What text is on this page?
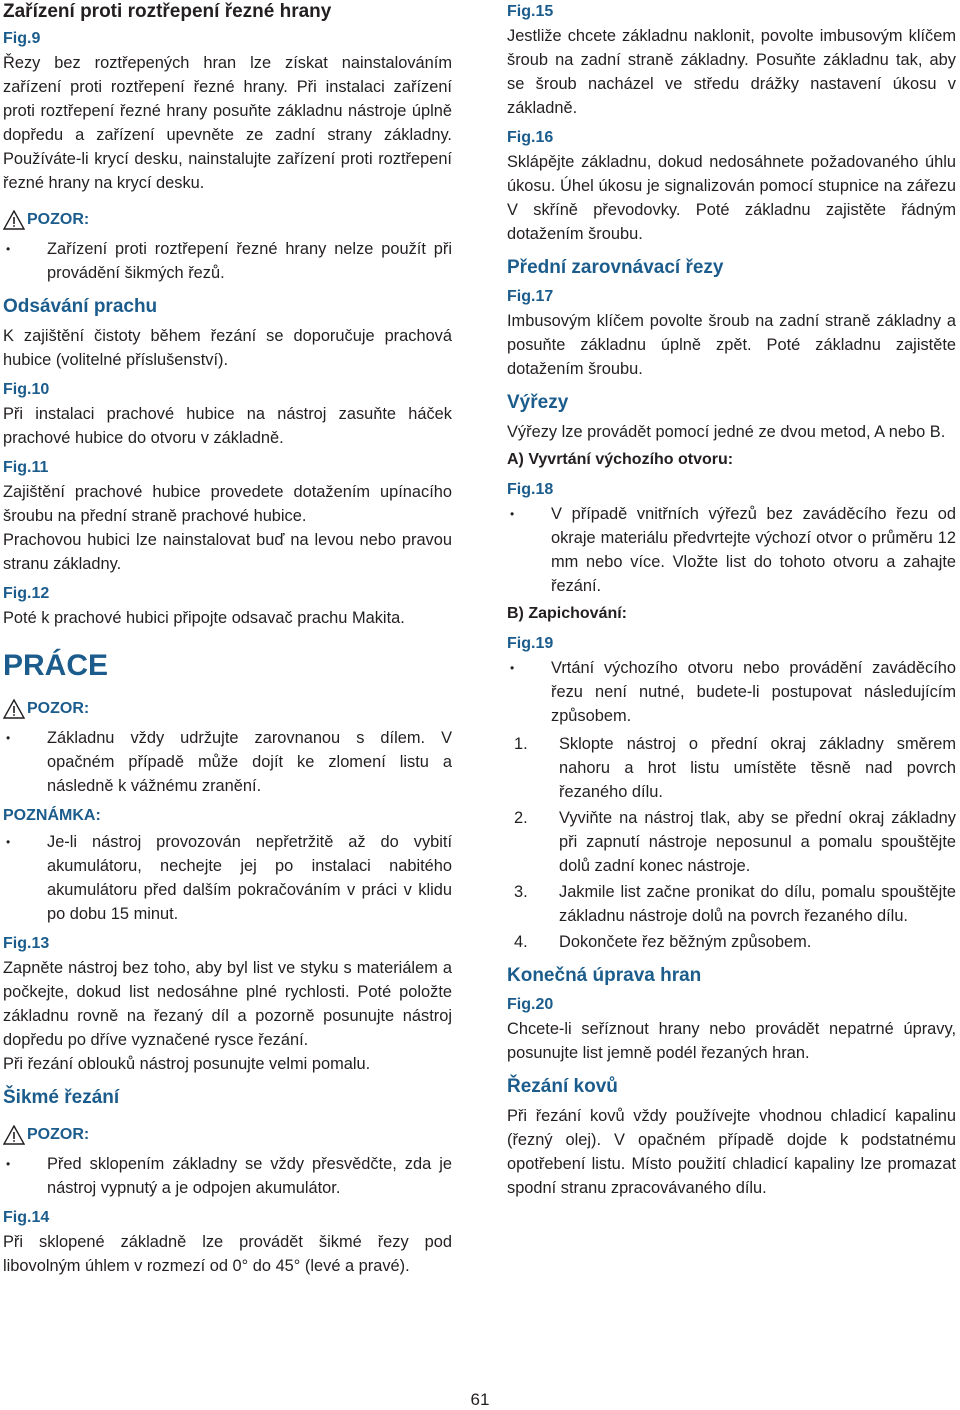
Zařízení proti roztřepení řezné hrany
Fig.9

Řezy bez roztřepených hran lze získat nainstalováním zařízení proti roztřepení řezné hrany. Při instalaci zařízení proti roztřepení řezné hrany posuňte základnu nástroje úplně dopředu a zařízení upevněte ze zadní strany základny. Používáte-li krycí desku, nainstalujte zařízení proti roztřepení řezné hrany na krycí desku.

POZOR:
• Zařízení proti roztřepení řezné hrany nelze použít při provádění šikmých řezů.
Odsávání prachu

K zajištění čistoty během řezání se doporučuje prachová hubice (volitelné příslušenství).

Fig.10

Při instalaci prachové hubice na nástroj zasuňte háček prachové hubice do otvoru v základně.

Fig.11

Zajištění prachové hubice provedete dotažením upínacího šroubu na přední straně prachové hubice.

Prachovou hubici lze nainstalovat buď na levou nebo pravou stranu základny.

Fig.12

Poté k prachové hubici připojte odsavač prachu Makita.

PRÁCE
POZOR:
• Základnu vždy udržujte zarovnanou s dílem. V opačném případě může dojít ke zlomení listu a následně k vážnému zranění.
POZNÁMKA:
• Je-li nástroj provozován nepřetržitě až do vybití akumulátoru, nechejte jej po instalaci nabitého akumulátoru před dalším pokračováním v práci v klidu po dobu 15 minut.
Fig.13

Zapněte nástroj bez toho, aby byl list ve styku s materiálem a počkejte, dokud list nedosáhne plné rychlosti. Poté položte základnu rovně na řezaný díl a pozorně posunujte nástroj dopředu po dříve vyznačené rysce řezání.

Při řezání oblouků nástroj posunujte velmi pomalu.

Šikmé řezání
POZOR:
• Před sklopením základny se vždy přesvědčte, zda je nástroj vypnutý a je odpojen akumulátor.
Fig.14

Při sklopené základně lze provádět šikmé řezy pod libovolným úhlem v rozmezí od 0° do 45° (levé a pravé).

Fig.15

Jestliže chcete základnu naklonit, povolte imbusovým klíčem šroub na zadní straně základny. Posuňte základnu tak, aby se šroub nacházel ve středu drážky nastavení úkosu v základně.

Fig.16

Sklápějte základnu, dokud nedosáhnete požadovaného úhlu úkosu. Úhel úkosu je signalizován pomocí stupnice na zářezu V skříně převodovky. Poté základnu zajistěte řádným dotažením šroubu.

Přední zarovnávací řezy
Fig.17

Imbusovým klíčem povolte šroub na zadní straně základny a posuňte základnu úplně zpět. Poté základnu zajistěte dotažením šroubu.

Výřezy

Výřezy lze provádět pomocí jedné ze dvou metod, A nebo B.

A) Vyvrtání výchozího otvoru:
Fig.18
• V případě vnitřních výřezů bez zaváděcího řezu od okraje materiálu předvrtejte výchozí otvor o průměru 12 mm nebo více. Vložte list do tohoto otvoru a zahajte řezání.
B) Zapichování:
Fig.19
• Vrtání výchozího otvoru nebo provádění zaváděcího řezu není nutné, budete-li postupovat následujícím způsobem.
1. Sklopte nástroj o přední okraj základny směrem nahoru a hrot listu umístěte těsně nad povrch řezaného dílu.
2. Vyviňte na nástroj tlak, aby se přední okraj základny při zapnutí nástroje neposunul a pomalu spouštějte dolů zadní konec nástroje.
3. Jakmile list začne pronikat do dílu, pomalu spouštějte základnu nástroje dolů na povrch řezaného dílu.
4. Dokončete řez běžným způsobem.
Konečná úprava hran
Fig.20

Chcete-li seříznout hrany nebo provádět nepatrné úpravy, posunujte list jemně podél řezaných hran.

Řezání kovů

Při řezání kovů vždy používejte vhodnou chladicí kapalinu (řezný olej). V opačném případě dojde k podstatnému opotřebení listu. Místo použití chladicí kapaliny lze promazat spodní stranu zpracovávaného dílu.

61
